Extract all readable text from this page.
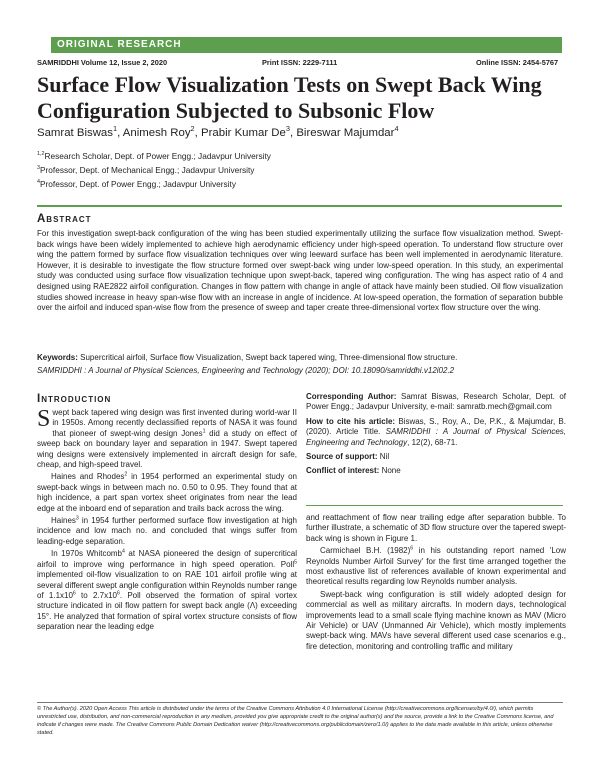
ORIGINAL RESEARCH
SAMRIDDHI Volume 12, Issue 2, 2020	Print ISSN: 2229-7111	Online ISSN: 2454-5767
Surface Flow Visualization Tests on Swept Back Wing Configuration Subjected to Subsonic Flow
Samrat Biswas$^1$, Animesh Roy$^2$, Prabir Kumar De$^3$, Bireswar Majumdar$^4$
$^{1,2}$Research Scholar, Dept. of Power Engg.; Jadavpur University
$^3$Professor, Dept. of Mechanical Engg.; Jadavpur University
$^4$Professor, Dept. of Power Engg.; Jadavpur University
Abstract
For this investigation swept-back configuration of the wing has been studied experimentally utilizing the surface flow visualization method. Swept-back wings have been widely implemented to achieve high aerodynamic efficiency under high-speed operation. To understand flow structure over wing the pattern formed by surface flow visualization techniques over wing leeward surface has been well implemented in aerodynamic literature. However, it is desirable to investigate the flow structure formed over swept-back wing under low-speed operation. In this study, an experimental study was conducted using surface flow visualization technique upon swept-back, tapered wing configuration. The wing has aspect ratio of 4 and designed using RAE2822 airfoil configuration. Changes in flow pattern with change in angle of attack have mainly been studied. Oil flow visualization studies showed increase in heavy span-wise flow with an increase in angle of incidence. At low-speed operation, the formation of separation bubble over the airfoil and induced span-wise flow from the presence of sweep and taper create three-dimensional vortex flow structure over the wing.
Keywords: Supercritical airfoil, Surface flow Visualization, Swept back tapered wing, Three-dimensional flow structure.
SAMRIDDHI : A Journal of Physical Sciences, Engineering and Technology (2020); DOI: 10.18090/samriddhi.v12i02.2
Introduction

Swept back tapered wing design was first invented during world-war II in 1950s. Among recently declassified reports of NASA it was found that pioneer of swept-wing design Jones$^1$ did a study on effect of sweep back on boundary layer and separation in 1947. Swept tapered wing designs were extensively implemented in aircraft design for safe, cheap, and high-speed travel.

Haines and Rhodes$^2$ in 1954 performed an experimental study on swept-back wings in between mach no. 0.50 to 0.95. They found that at high incidence, a part span vortex sheet originates from near the lead edge at the inboard end of separation and trails back across the wing.

Haines$^3$ in 1954 further performed surface flow investigation at high incidence and low mach no. and concluded that wings suffer from leading-edge separation.

In 1970s Whitcomb$^4$ at NASA pioneered the design of supercritical airfoil to improve wing performance in high speed operation. Poll$^5$ implemented oil-flow visualization to on RAE 101 airfoil profile wing at several different swept angle configuration within Reynolds number range of $1.1x10^6$ to $2.7x10^6$. Poll observed the formation of spiral vortex structure indicated in oil flow pattern for swept back angle (Λ) exceeding 15°. He analyzed that formation of spiral vortex structure consists of flow separation near the leading edge

Corresponding Author: Samrat Biswas, Research Scholar, Dept. of Power Engg.; Jadavpur University, e-mail: samratb.mech@gmail.com

How to cite his article: Biswas, S., Roy, A., De, P.K., & Majumdar, B. (2020). Article Title. SAMRIDDHI : A Journal of Physical Sciences, Engineering and Technology, 12(2), 68-71.

Source of support: Nil

Conflict of interest: None

and reattachment of flow near trailing edge after separation bubble. To further illustrate, a schematic of 3D flow structure over the tapered swept-back wing is shown in Figure 1.

Carmichael B.H. $(1982)^6$ in his outstanding report named 'Low Reynolds Number Airfoil Survey' for the first time arranged together the most exhaustive list of references available of known experimental and theoretical results regarding low Reynolds number analysis.

Swept-back wing configuration is still widely adopted design for commercial as well as military aircrafts. In modern days, technological improvements lead to a small scale flying machine known as MAV (Micro Air Vehicle) or UAV (Unmanned Air Vehicle), which mostly implements swept-back wing. MAVs have several different used case scenarios e.g., fire detection, monitoring and controlling traffic and military

© The Author(s). 2020 Open Access This article is distributed under the terms of the Creative Commons Attribution 4.0 International License (http://creativecommons.org/licenses/by/4.0/), which permits unrestricted use, distribution, and non-commercial reproduction in any medium, provided you give appropriate credit to the original author(s) and the source, provide a link to the Creative Commons license, and indicate if changes were made. The Creative Commons Public Domain Dedication waiver (http://creativecommons.org/publicdomain/zero/1.0/) applies to the data made available in this article, unless otherwise stated.
